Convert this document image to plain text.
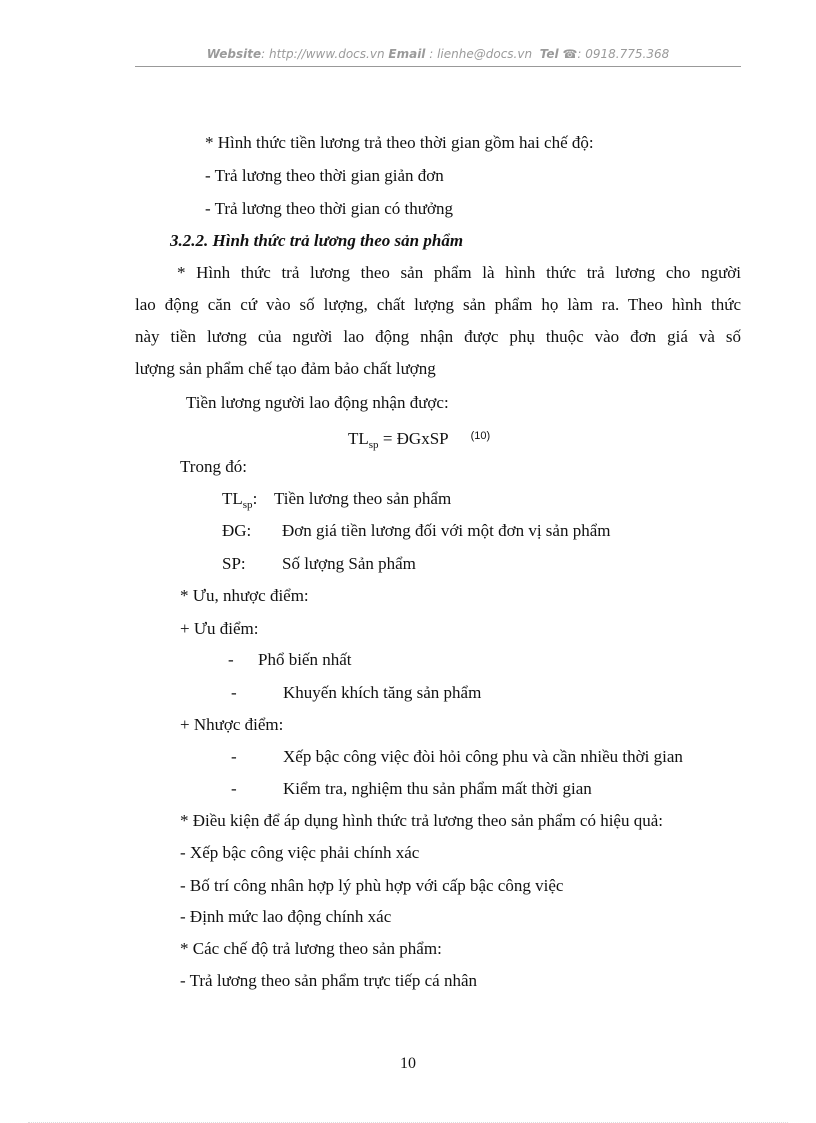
Website: http://www.docs.vn Email : lienhe@docs.vn Tel ☎: 0918.775.368
* Hình thức tiền lương trả theo thời gian gồm hai chế độ:
- Trả lương theo thời gian giản đơn
- Trả lương theo thời gian có thưởng
3.2.2. Hình thức trả lương theo sản phẩm
* Hình thức trả lương theo sản phẩm là hình thức trả lương cho người
lao động căn cứ vào số lượng, chất lượng sản phẩm họ làm ra. Theo hình thức
này tiền lương của người lao động nhận được phụ thuộc vào đơn giá và số
lượng sản phẩm chế tạo đảm bảo chất lượng
Tiền lương người lao động nhận được:
$TL_{sp}$ = ĐGxSP $^{(10)}$
Trong đó:
$TL_{sp}$: Tiền lương theo sản phẩm
ĐG: Đơn giá tiền lương đối với một đơn vị sản phẩm
SP: Số lượng Sản phẩm
* Ưu, nhược điểm:
+ Ưu điểm:
- Phổ biến nhất
-	Khuyến khích tăng sản phẩm
+ Nhược điểm:
-	Xếp bậc công việc đòi hỏi công phu và cần nhiều thời gian
-	Kiểm tra, nghiệm thu sản phẩm mất thời gian
* Điều kiện để áp dụng hình thức trả lương theo sản phẩm có hiệu quả:
- Xếp bậc công việc phải chính xác
- Bố trí công nhân hợp lý phù hợp với cấp bậc công việc
- Định mức lao động chính xác
* Các chế độ trả lương theo sản phẩm:
- Trả lương theo sản phẩm trực tiếp cá nhân
10
